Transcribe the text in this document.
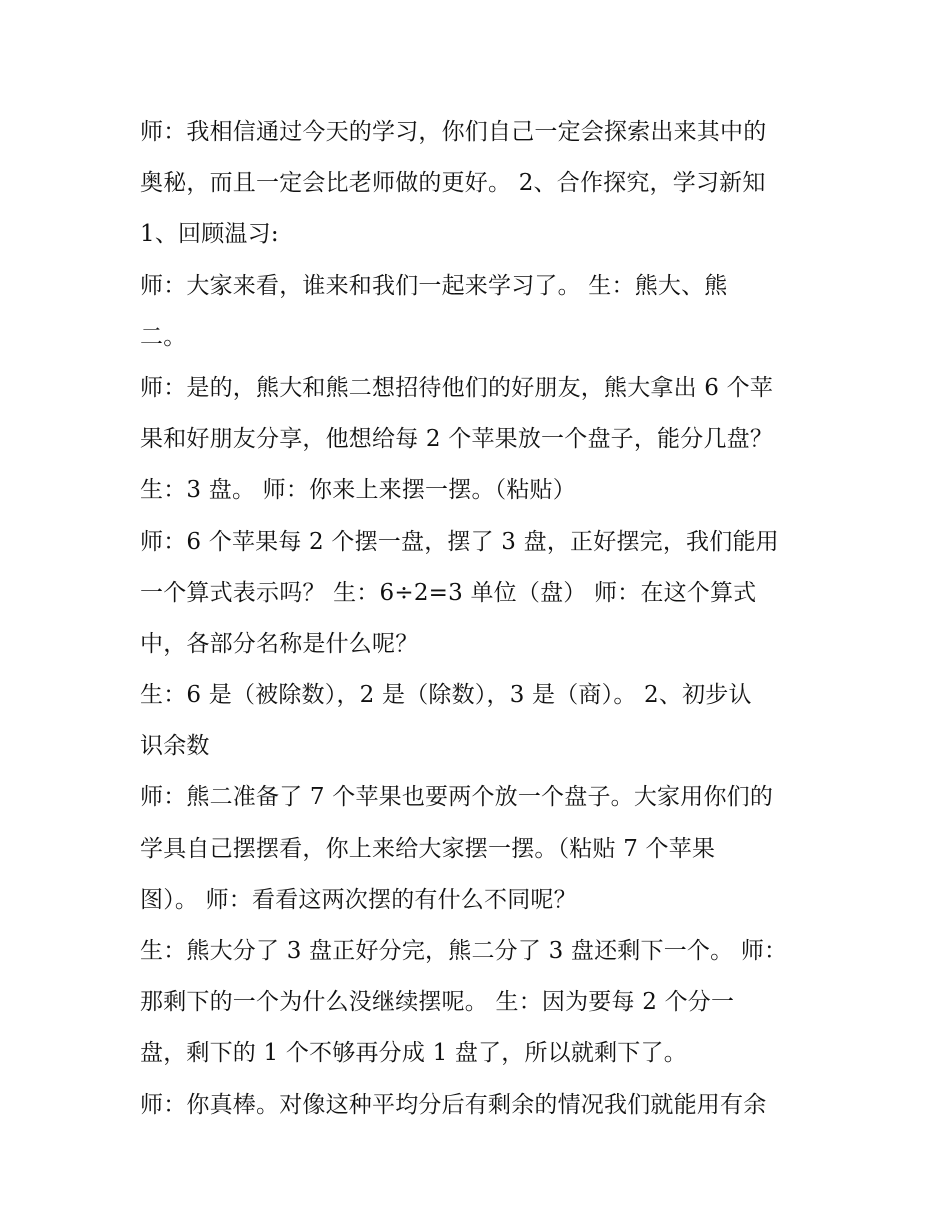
师：我相信通过今天的学习，你们自己一定会探索出来其中的
奥秘，而且一定会比老师做的更好。 2、合作探究，学习新知
1、回顾温习:
师：大家来看，谁来和我们一起来学习了。 生：熊大、熊
二。
师：是的，熊大和熊二想招待他们的好朋友，熊大拿出 6 个苹
果和好朋友分享，他想给每 2 个苹果放一个盘子，能分几盘？
生：3 盘。 师：你来上来摆一摆。（粘贴）
师：6 个苹果每 2 个摆一盘，摆了 3 盘，正好摆完，我们能用
一个算式表示吗？ 生：6÷2=3 单位（盘） 师：在这个算式
中，各部分名称是什么呢？
生：6 是（被除数），2 是（除数），3 是（商）。 2、初步认
识余数
师：熊二准备了 7 个苹果也要两个放一个盘子。大家用你们的
学具自己摆摆看，你上来给大家摆一摆。（粘贴 7 个苹果
图）。 师：看看这两次摆的有什么不同呢？
生：熊大分了 3 盘正好分完，熊二分了 3 盘还剩下一个。 师：
那剩下的一个为什么没继续摆呢。 生：因为要每 2 个分一
盘，剩下的 1 个不够再分成 1 盘了，所以就剩下了。
师：你真棒。对像这种平均分后有剩余的情况我们就能用有余
